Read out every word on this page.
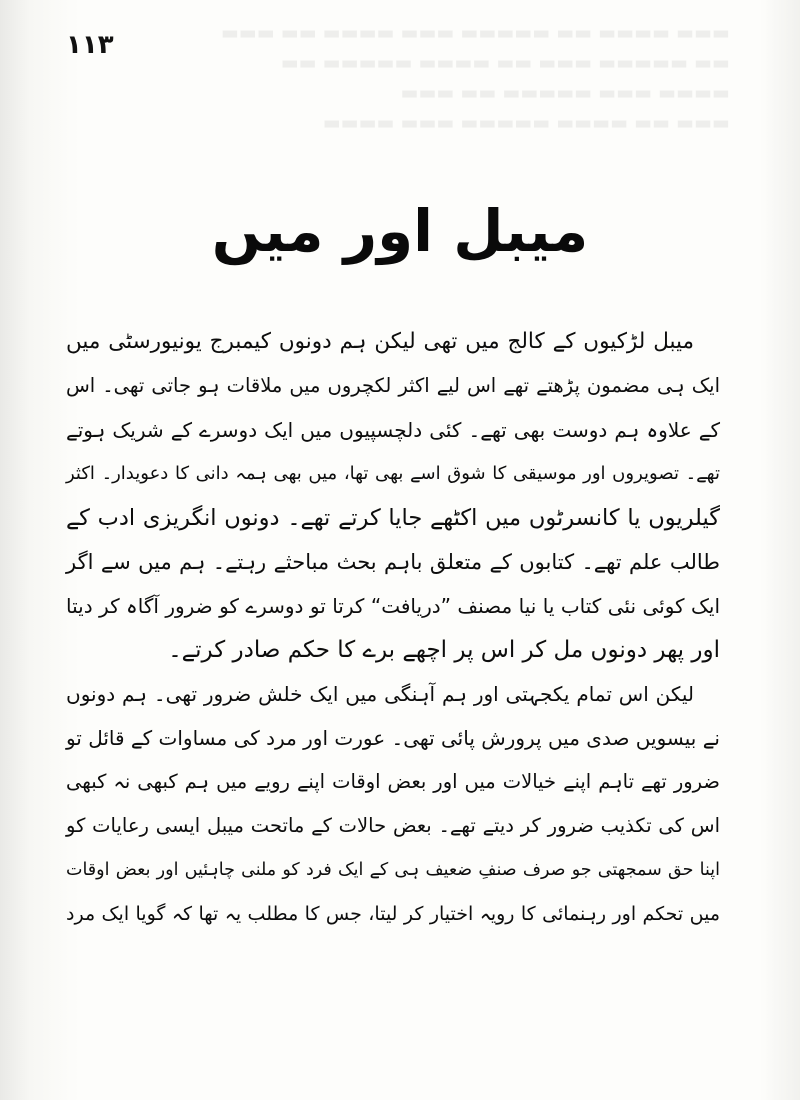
▬▬▬ ▬▬▬▬ ▬▬ ▬▬▬▬▬ ▬▬▬ ▬▬▬▬ ▬▬ ▬▬▬
▬▬ ▬▬▬▬▬ ▬▬▬ ▬▬ ▬▬▬▬ ▬▬▬▬▬ ▬▬
▬▬▬▬ ▬▬▬ ▬▬▬▬▬ ▬▬ ▬▬▬
▬▬▬ ▬▬ ▬▬▬▬ ▬▬▬▬▬ ▬▬▬ ▬▬▬▬
۱۱۳
میبل اور میں
میبل لڑکیوں کے کالج میں تھی لیکن ہم دونوں کیمبرج یونیورسٹی میں
ایک ہی مضمون پڑھتے تھے اس لیے اکثر لکچروں میں ملاقات ہو جاتی تھی۔ اس
کے علاوہ ہم دوست بھی تھے۔ کئی دلچسپیوں میں ایک دوسرے کے شریک ہوتے
تھے۔ تصویروں اور موسیقی کا شوق اسے بھی تھا، میں بھی ہمہ دانی کا دعویدار۔ اکثر
گیلریوں یا کانسرٹوں میں اکٹھے جایا کرتے تھے۔ دونوں انگریزی ادب کے
طالب علم تھے۔ کتابوں کے متعلق باہم بحث مباحثے رہتے۔ ہم میں سے اگر
ایک کوئی نئی کتاب یا نیا مصنف ”دریافت“ کرتا تو دوسرے کو ضرور آگاہ کر دیتا
اور پھر دونوں مل کر اس پر اچھے برے کا حکم صادر کرتے۔
لیکن اس تمام یکجہتی اور ہم آہنگی میں ایک خلش ضرور تھی۔ ہم دونوں
نے بیسویں صدی میں پرورش پائی تھی۔ عورت اور مرد کی مساوات کے قائل تو
ضرور تھے تاہم اپنے خیالات میں اور بعض اوقات اپنے رویے میں ہم کبھی نہ کبھی
اس کی تکذیب ضرور کر دیتے تھے۔ بعض حالات کے ماتحت میبل ایسی رعایات کو
اپنا حق سمجھتی جو صرف صنفِ ضعیف ہی کے ایک فرد کو ملنی چاہئیں اور بعض اوقات
میں تحکم اور رہنمائی کا رویہ اختیار کر لیتا، جس کا مطلب یہ تھا کہ گویا ایک مرد
